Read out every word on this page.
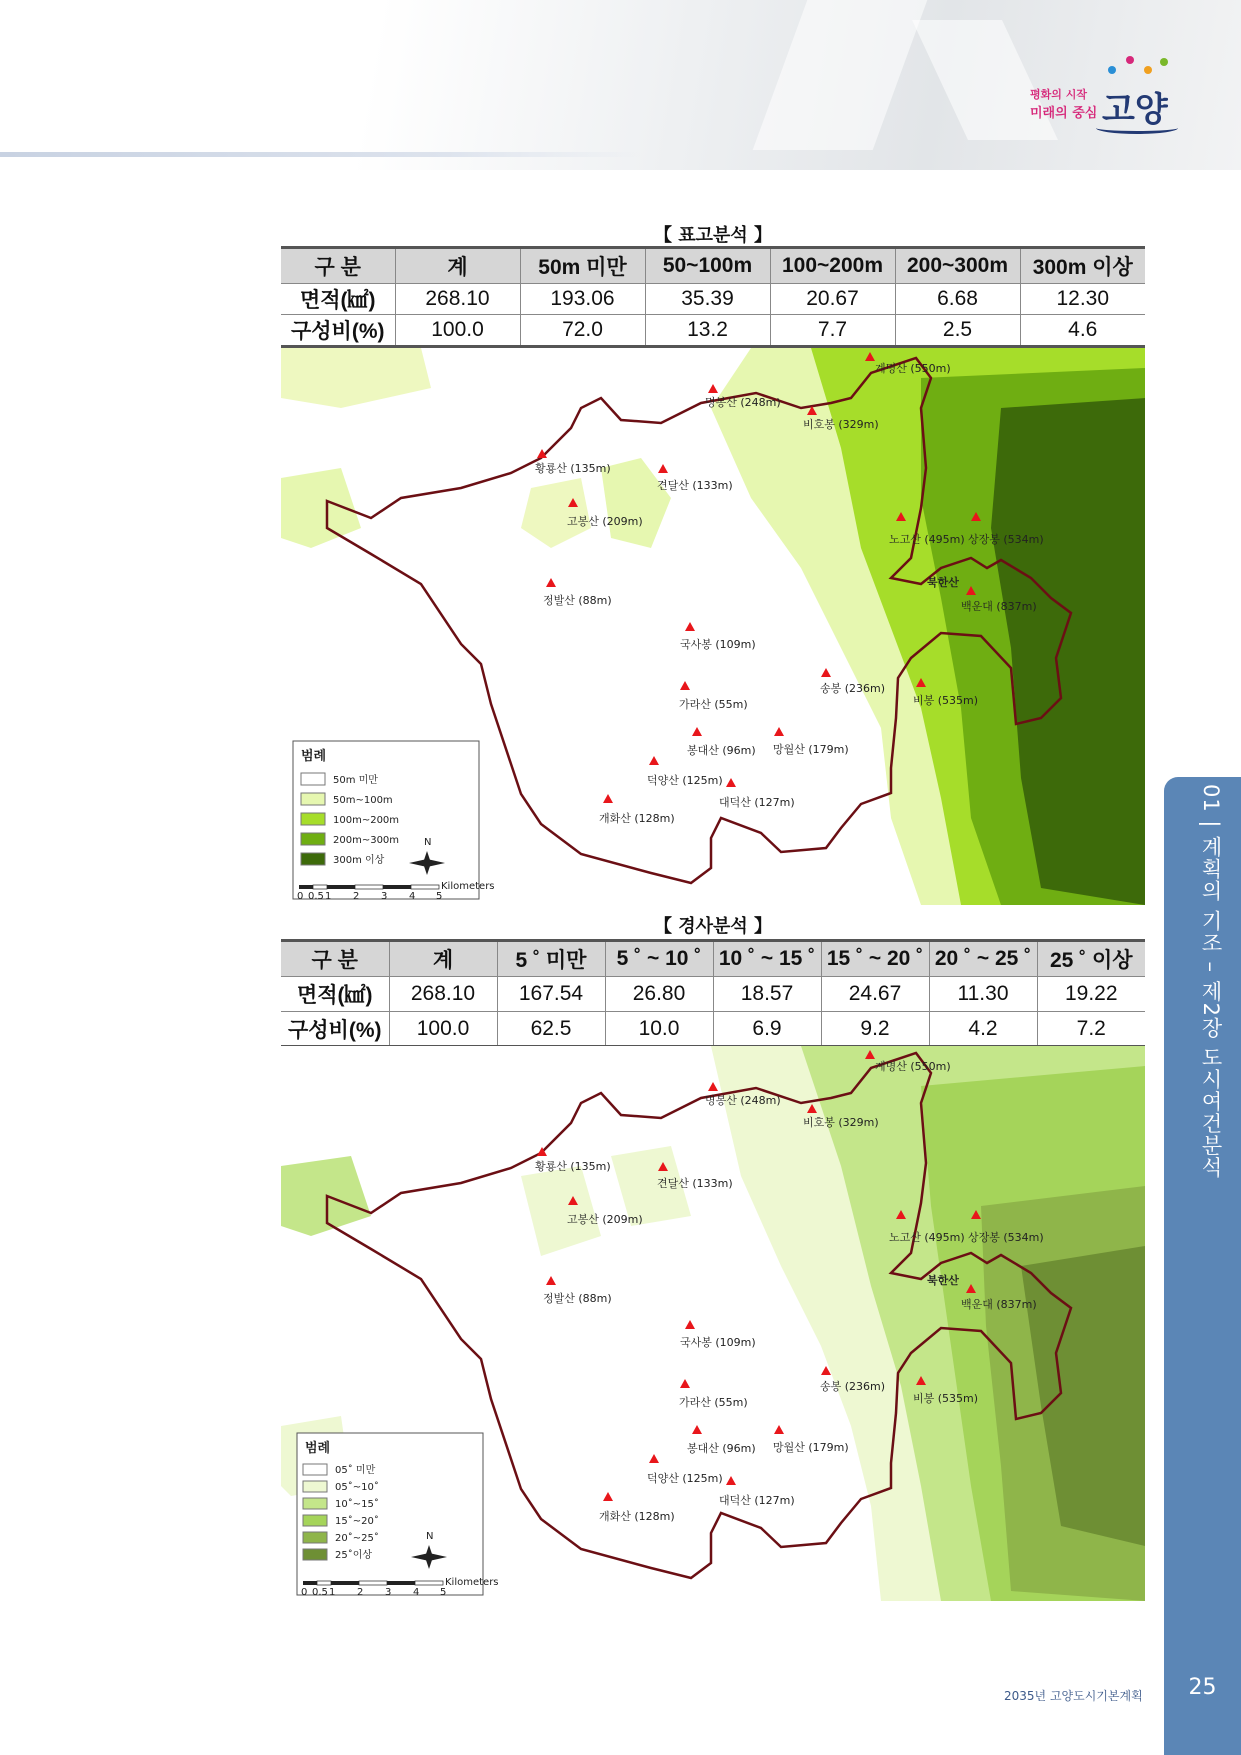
평화의 시작
미래의 중심 고양
【 표고분석 】
구 분	계	50m 미만	50~100m	100~200m	200~300m	300m 이상
면적(㎢)	268.10	193.06	35.39	20.67	6.68	12.30
구성비(%)	100.0	72.0	13.2	7.7	2.5	4.6
계명산 (550m)
명봉산 (248m)
비호봉 (329m)
황룡산 (135m)
견달산 (133m)
고봉산 (209m)
노고산 (495m) 상장봉 (534m)
북한산
백운대 (837m)
정발산 (88m)
국사봉 (109m)
송봉 (236m)
비봉 (535m)
가라산 (55m)
봉대산 (96m) 망월산 (179m)
덕양산 (125m)
대덕산 (127m)
개화산 (128m)
범례
50m 미만
50m~100m
100m~200m
200m~300m
300m 이상
N
0 0.5 1 2 3 4 5
Kilometers
【 경사분석 】
구 분	계	5 ˚ 미만	5 ˚ ~ 10 ˚	10 ˚ ~ 15 ˚	15 ˚ ~ 20 ˚	20 ˚ ~ 25 ˚	25 ˚ 이상
면적(㎢)	268.10	167.54	26.80	18.57	24.67	11.30	19.22
구성비(%)	100.0	62.5	10.0	6.9	9.2	4.2	7.2
계명산 (550m)
명봉산 (248m)
비호봉 (329m)
황룡산 (135m)
견달산 (133m)
고봉산 (209m)
노고산 (495m) 상장봉 (534m)
북한산
백운대 (837m)
정발산 (88m)
국사봉 (109m)
송봉 (236m)
비봉 (535m)
가라산 (55m)
봉대산 (96m) 망월산 (179m)
덕양산 (125m)
대덕산 (127m)
개화산 (128m)
범례
05˚ 미만
05˚~10˚
10˚~15˚
15˚~20˚
20˚~25˚
25˚이상
N
0 0.5 1 2 3 4 5
Kilometers
01 | 계획의 기조 – 제2장 도시여건분석
2035년 고양도시기본계획	25
